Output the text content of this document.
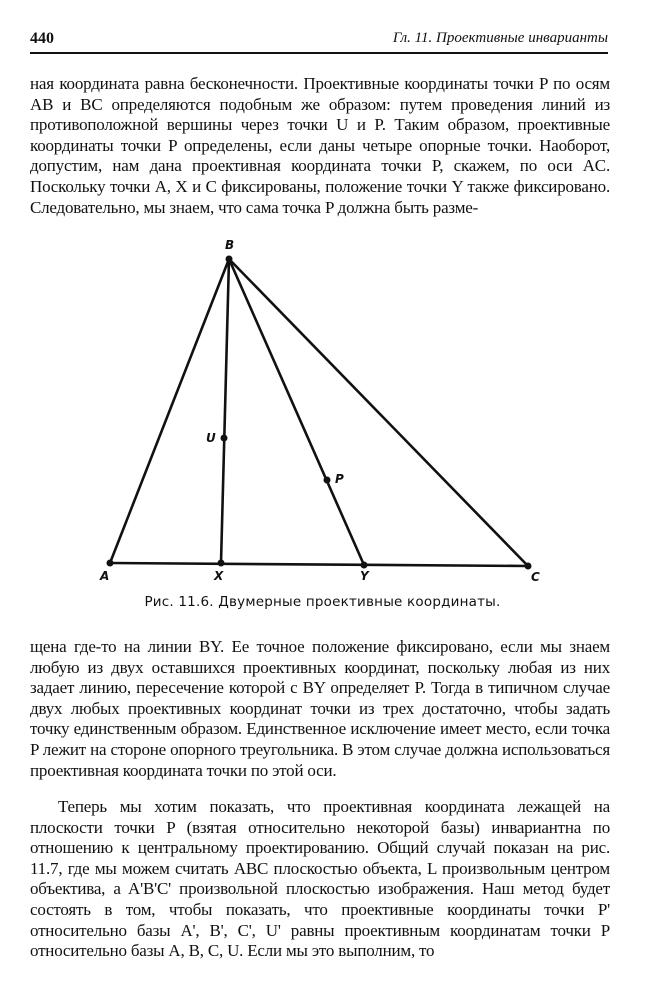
440	Гл. 11. Проективные инварианты

ная координата равна бесконечности. Проективные координаты точки P по осям AB и BC определяются подобным же образом: путем проведения линий из противоположной вершины через точки U и P. Таким образом, проективные координаты точки P определены, если даны четыре опорные точки. Наоборот, допустим, нам дана проективная координата точки P, скажем, по оси AC. Поскольку точки A, X и C фиксированы, положение точки Y также фиксировано. Следовательно, мы знаем, что сама точка P должна быть разме-

B
U
P
A	X	Y	C
Рис. 11.6. Двумерные проективные координаты.

щена где-то на линии BY. Ее точное положение фиксировано, если мы знаем любую из двух оставшихся проективных координат, поскольку любая из них задает линию, пересечение которой с BY определяет P. Тогда в типичном случае двух любых проективных координат точки из трех достаточно, чтобы задать точку единственным образом. Единственное исключение имеет место, если точка P лежит на стороне опорного треугольника. В этом случае должна использоваться проективная координата точки по этой оси.

Теперь мы хотим показать, что проективная координата лежащей на плоскости точки P (взятая относительно некоторой базы) инвариантна по отношению к центральному проектированию. Общий случай показан на рис. 11.7, где мы можем считать ABC плоскостью объекта, L произвольным центром объектива, a A'B'C' произвольной плоскостью изображения. Наш метод будет состоять в том, чтобы показать, что проективные координаты точки P' относительно базы A', B', C', U' равны проективным координатам точки P относительно базы A, B, C, U. Если мы это выполним, то
